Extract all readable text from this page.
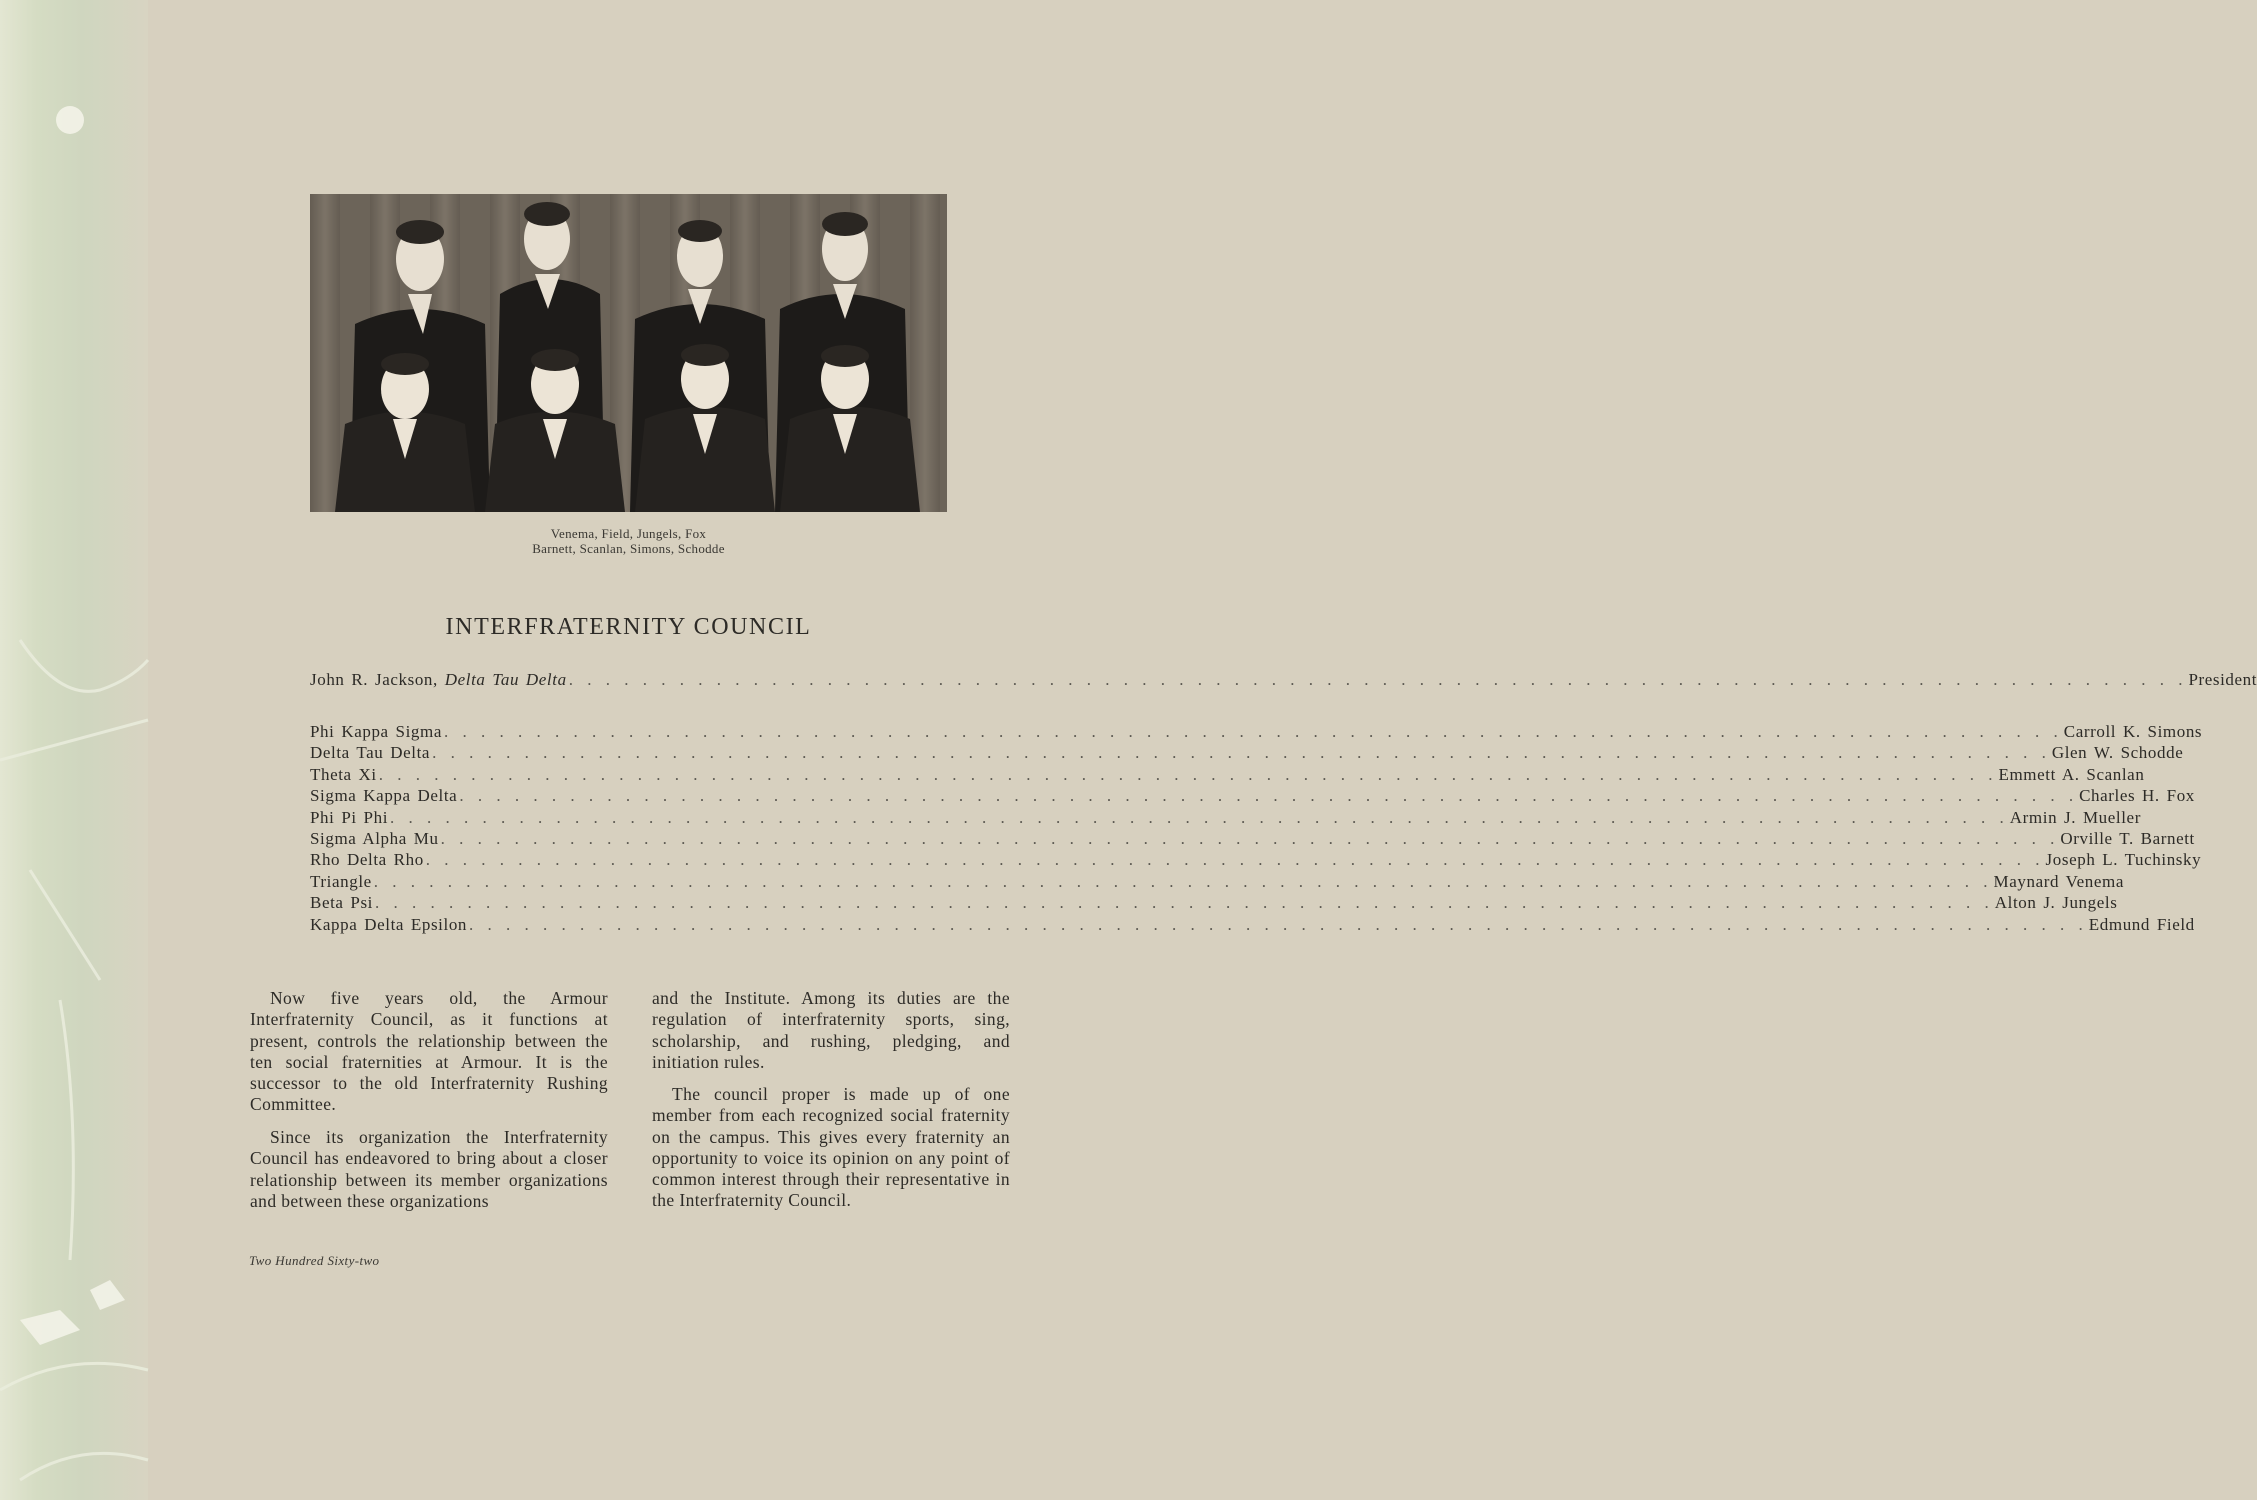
Venema, Field, Jungels, Fox
Barnett, Scanlan, Simons, Schodde
INTERFRATERNITY COUNCIL
John R. Jackson, Delta Tau Delta . . . . . . . . . . . . . . . . . . . . . . . . . . . . . . . . . . . . . . . . . . . . . . . . . . . . . . . . . . . . . . . . . . . . . . . . . . . . . . . . . . . . . . . . President
Phi Kappa Sigma . . . . . . . . . . . . . . . . . . . . . . . . . . . . . . . . . . . . . . . . . . . . . . . . . . . . . . . . . . . . . . . . . . . . . . . . . . . . . . . . . . . . . . . . Carroll K. Simons
Delta Tau Delta . . . . . . . . . . . . . . . . . . . . . . . . . . . . . . . . . . . . . . . . . . . . . . . . . . . . . . . . . . . . . . . . . . . . . . . . . . . . . . . . . . . . . . . . Glen W. Schodde
Theta Xi . . . . . . . . . . . . . . . . . . . . . . . . . . . . . . . . . . . . . . . . . . . . . . . . . . . . . . . . . . . . . . . . . . . . . . . . . . . . . . . . . . . . . . . . Emmett A. Scanlan
Sigma Kappa Delta . . . . . . . . . . . . . . . . . . . . . . . . . . . . . . . . . . . . . . . . . . . . . . . . . . . . . . . . . . . . . . . . . . . . . . . . . . . . . . . . . . . . . . . . Charles H. Fox
Phi Pi Phi . . . . . . . . . . . . . . . . . . . . . . . . . . . . . . . . . . . . . . . . . . . . . . . . . . . . . . . . . . . . . . . . . . . . . . . . . . . . . . . . . . . . . . . . Armin J. Mueller
Sigma Alpha Mu . . . . . . . . . . . . . . . . . . . . . . . . . . . . . . . . . . . . . . . . . . . . . . . . . . . . . . . . . . . . . . . . . . . . . . . . . . . . . . . . . . . . . . . . Orville T. Barnett
Rho Delta Rho . . . . . . . . . . . . . . . . . . . . . . . . . . . . . . . . . . . . . . . . . . . . . . . . . . . . . . . . . . . . . . . . . . . . . . . . . . . . . . . . . . . . . . . . Joseph L. Tuchinsky
Triangle . . . . . . . . . . . . . . . . . . . . . . . . . . . . . . . . . . . . . . . . . . . . . . . . . . . . . . . . . . . . . . . . . . . . . . . . . . . . . . . . . . . . . . . . Maynard Venema
Beta Psi . . . . . . . . . . . . . . . . . . . . . . . . . . . . . . . . . . . . . . . . . . . . . . . . . . . . . . . . . . . . . . . . . . . . . . . . . . . . . . . . . . . . . . . . Alton J. Jungels
Kappa Delta Epsilon . . . . . . . . . . . . . . . . . . . . . . . . . . . . . . . . . . . . . . . . . . . . . . . . . . . . . . . . . . . . . . . . . . . . . . . . . . . . . . . . . . . . . . . . Edmund Field

Now five years old, the Armour Interfraternity Council, as it functions at present, controls the relationship between the ten social fraternities at Armour. It is the successor to the old Interfraternity Rushing Committee.

Since its organization the Interfraternity Council has endeavored to bring about a closer relationship between its member organizations and between these organizations

and the Institute. Among its duties are the regulation of interfraternity sports, sing, scholarship, and rushing, pledging, and initiation rules.

The council proper is made up of one member from each recognized social fraternity on the campus. This gives every fraternity an opportunity to voice its opinion on any point of common interest through their representative in the Interfraternity Council.

Two Hundred Sixty-two
